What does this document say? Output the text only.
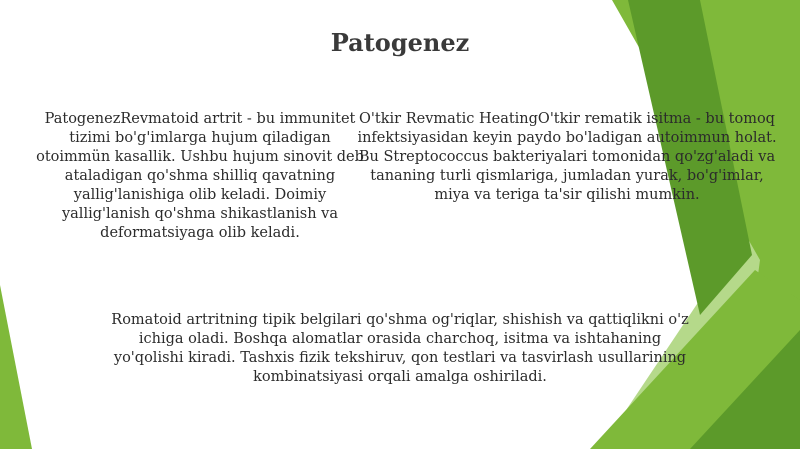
Patogenez
PatogenezRevmatoid artrit - bu immunitet tizimi bo'g'imlarga hujum qiladigan otoimmün kasallik. Ushbu hujum sinovit deb ataladigan qo'shma shilliq qavatning yallig'lanishiga olib keladi. Doimiy yallig'lanish qo'shma shikastlanish va deformatsiyaga olib keladi.
O'tkir Revmatic HeatingO'tkir rematik isitma - bu tomoq infektsiyasidan keyin paydo bo'ladigan autoimmun holat. Bu Streptococcus bakteriyalari tomonidan qo'zg'aladi va tananing turli qismlariga, jumladan yurak, bo'g'imlar, miya va teriga ta'sir qilishi mumkin.
Romatoid artritning tipik belgilari qo'shma og'riqlar, shishish va qattiqlikni o'z ichiga oladi. Boshqa alomatlar orasida charchoq, isitma va ishtahaning yo'qolishi kiradi. Tashxis fizik tekshiruv, qon testlari va tasvirlash usullarining kombinatsiyasi orqali amalga oshiriladi.
